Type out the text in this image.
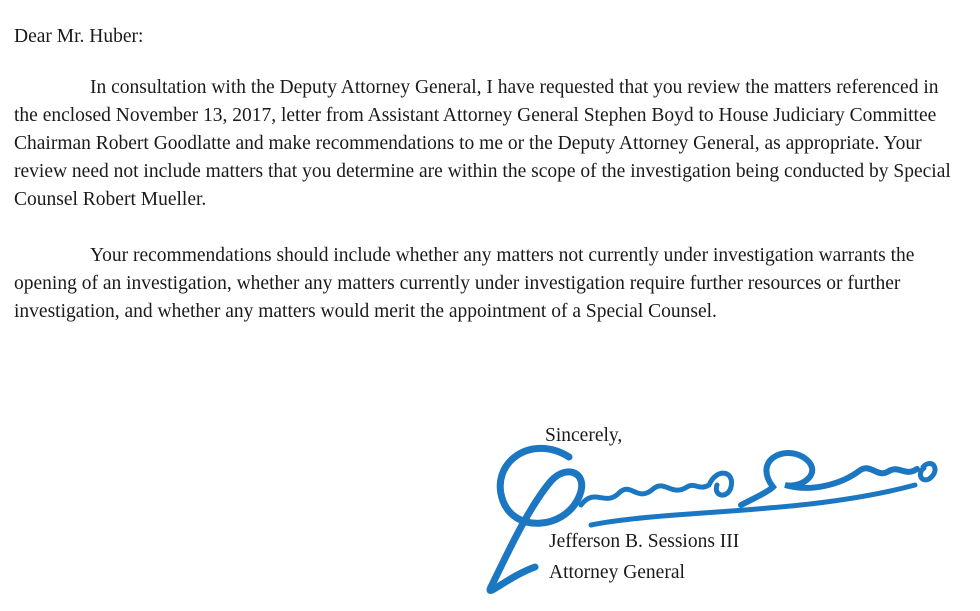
Dear Mr. Huber:

In consultation with the Deputy Attorney General, I have requested that you review the matters referenced in the enclosed November 13, 2017, letter from Assistant Attorney General Stephen Boyd to House Judiciary Committee Chairman Robert Goodlatte and make recommendations to me or the Deputy Attorney General, as appropriate. Your review need not include matters that you determine are within the scope of the investigation being conducted by Special Counsel Robert Mueller.

Your recommendations should include whether any matters not currently under investigation warrants the opening of an investigation, whether any matters currently under investigation require further resources or further investigation, and whether any matters would merit the appointment of a Special Counsel.

Sincerely,

Jefferson B. Sessions III

Attorney General
